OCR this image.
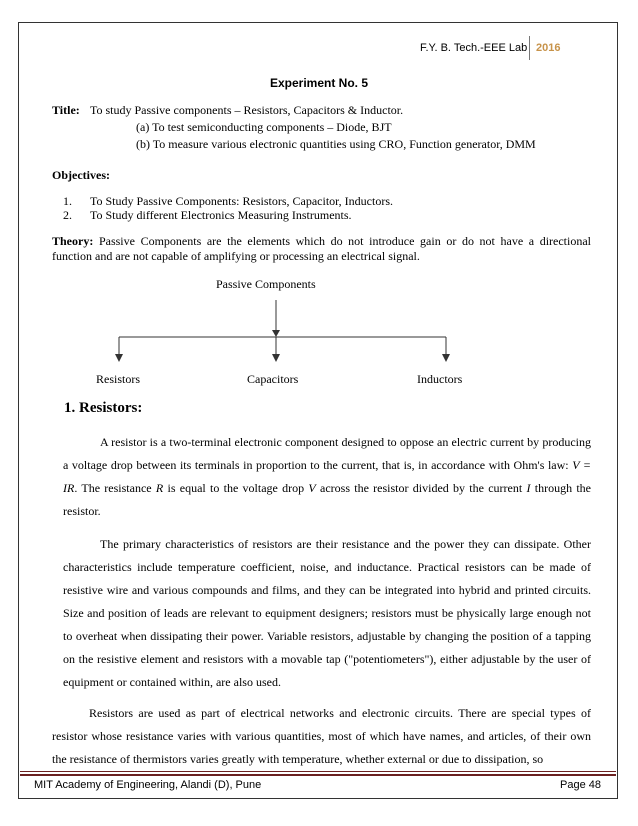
F.Y. B. Tech.-EEE Lab 2016
Experiment No. 5
Title: To study Passive components – Resistors, Capacitors & Inductor.
(a) To test semiconducting components – Diode, BJT
(b) To measure various electronic quantities using CRO, Function generator, DMM
Objectives:
1. To Study Passive Components: Resistors, Capacitor, Inductors.
2. To Study different Electronics Measuring Instruments.
Theory: Passive Components are the elements which do not introduce gain or do not have a directional function and are not capable of amplifying or processing an electrical signal.
Passive Components
Resistors	Capacitors	Inductors
1. Resistors:
A resistor is a two-terminal electronic component designed to oppose an electric current by producing a voltage drop between its terminals in proportion to the current, that is, in accordance with Ohm's law: V = IR. The resistance R is equal to the voltage drop V across the resistor divided by the current I through the resistor.
The primary characteristics of resistors are their resistance and the power they can dissipate. Other characteristics include temperature coefficient, noise, and inductance. Practical resistors can be made of resistive wire and various compounds and films, and they can be integrated into hybrid and printed circuits. Size and position of leads are relevant to equipment designers; resistors must be physically large enough not to overheat when dissipating their power. Variable resistors, adjustable by changing the position of a tapping on the resistive element and resistors with a movable tap ("potentiometers"), either adjustable by the user of equipment or contained within, are also used.
Resistors are used as part of electrical networks and electronic circuits. There are special types of resistor whose resistance varies with various quantities, most of which have names, and articles, of their own the resistance of thermistors varies greatly with temperature, whether external or due to dissipation, so
MIT Academy of Engineering, Alandi (D), Pune	Page 48
